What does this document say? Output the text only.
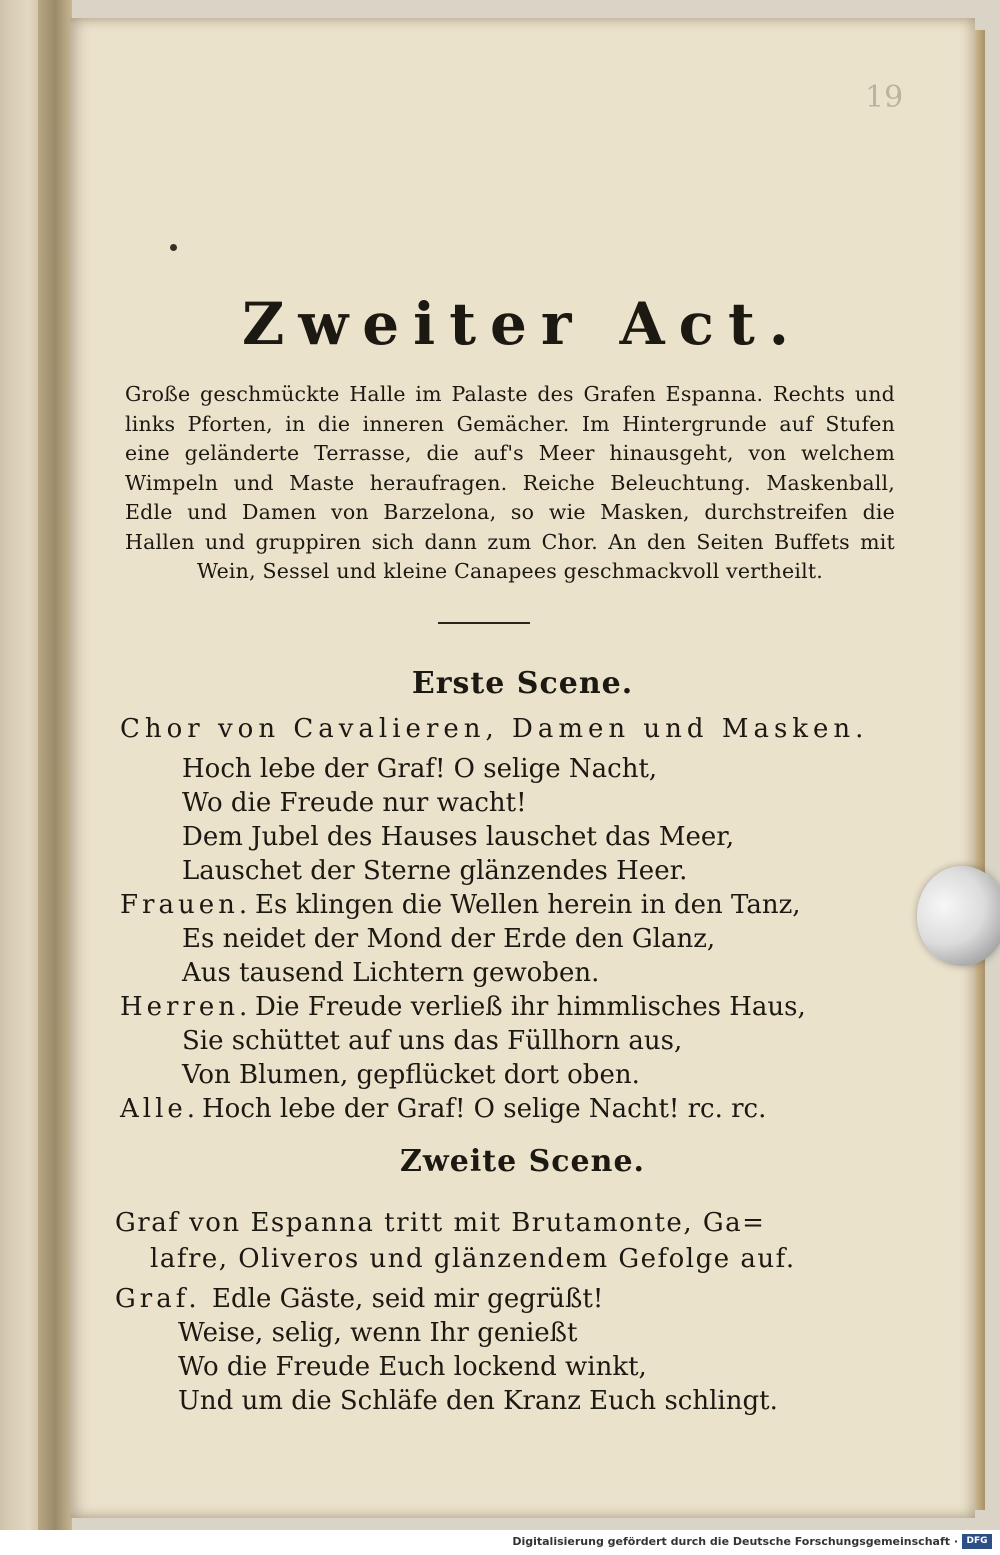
19
Zweiter Act.
Große geschmückte Halle im Palaste des Grafen Espanna. Rechts und links Pforten, in die inneren Gemächer. Im Hintergrunde auf Stufen eine geländerte Terrasse, die auf's Meer hinausgeht, von welchem Wimpeln und Maste heraufragen. Reiche Beleuchtung. Maskenball, Edle und Damen von Barzelona, so wie Masken, durchstreifen die Hallen und gruppiren sich dann zum Chor. An den Seiten Buffets mit Wein, Sessel und kleine Canapees geschmackvoll vertheilt.
Erste Scene.
Chor von Cavalieren, Damen und Masken.
Hoch lebe der Graf! O selige Nacht,
Wo die Freude nur wacht!
Dem Jubel des Hauses lauschet das Meer,
Lauschet der Sterne glänzendes Heer.
Frauen. Es klingen die Wellen herein in den Tanz,
Es neidet der Mond der Erde den Glanz,
Aus tausend Lichtern gewoben.
Herren. Die Freude verließ ihr himmlisches Haus,
Sie schüttet auf uns das Füllhorn aus,
Von Blumen, gepflücket dort oben.
Alle. Hoch lebe der Graf! O selige Nacht! rc. rc.
Zweite Scene.
Graf von Espanna tritt mit Brutamonte, Ga=
lafre, Oliveros und glänzendem Gefolge auf.
Graf. Edle Gäste, seid mir gegrüßt!
Weise, selig, wenn Ihr genießt
Wo die Freude Euch lockend winkt,
Und um die Schläfe den Kranz Euch schlingt.
Digitalisierung gefördert durch die Deutsche Forschungsgemeinschaft · DFG
